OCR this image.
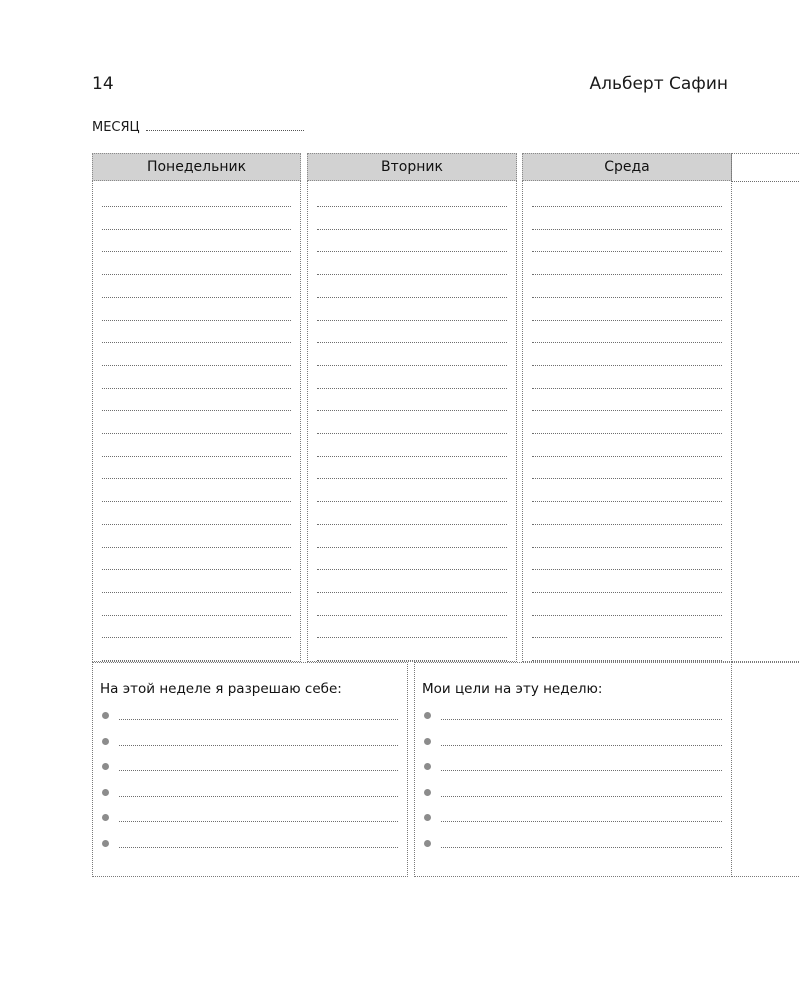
14	Альберт Сафин
МЕСЯЦ
Понедельник	Вторник	Среда
На этой неделе я разрешаю себе:	Мои цели на эту неделю:
